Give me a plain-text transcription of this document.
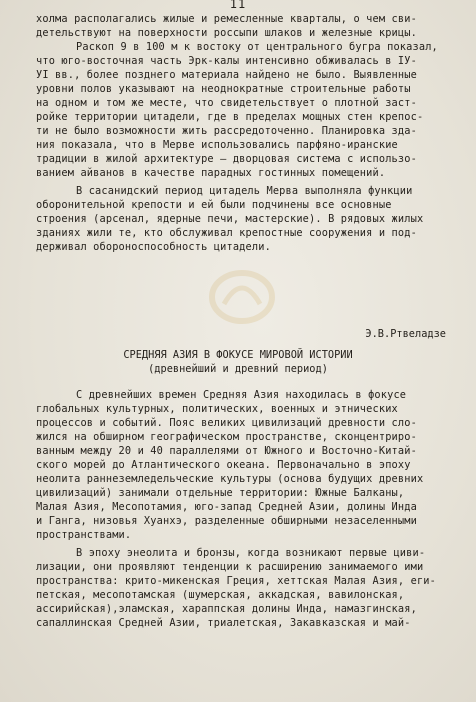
11
холма располагались жилые и ремесленные кварталы, о чем сви-
детельствуют на поверхности россыпи шлаков и железные крицы.
Раскоп 9 в 100 м к востоку от центрального бугра показал,
что юго-восточная часть Эрк-калы интенсивно обживалась в IУ-
УI вв., более позднего материала найдено не было. Выявленные
уровни полов указывают на неоднократные строительные работы
на одном и том же месте, что свидетельствует о плотной заст-
ройке территории цитадели, где в пределах мощных стен крепос-
ти не было возможности жить рассредоточенно. Планировка зда-
ния показала, что в Мерве использовались парфяно-иранские
традиции в жилой архитектуре – дворцовая система с использо-
ванием айванов в качестве парадных гостинных помещений.
В сасанидский период цитадель Мерва выполняла функции
оборонительной крепости и ей были подчинены все основные
строения (арсенал, ядерные печи, мастерские). В рядовых жилых
зданиях жили те, кто обслуживал крепостные сооружения и под-
держивал обороноспособность цитадели.
Э.В.Ртвеладзе
СРЕДНЯЯ АЗИЯ В ФОКУСЕ МИРОВОЙ ИСТОРИИ
(древнейший и древний период)
С древнейших времен Средняя Азия находилась в фокусе
глобальных культурных, политических, военных и этнических
процессов и событий. Пояс великих цивилизаций древности сло-
жился на обширном географическом пространстве, сконцентриро-
ванным между 20 и 40 параллелями от Южного и Восточно-Китай-
ского морей до Атлантического океана. Первоначально в эпоху
неолита раннеземледельческие культуры (основа будущих древних
цивилизаций) занимали отдельные территории: Южные Балканы,
Малая Азия, Месопотамия, юго-запад Средней Азии, долины Инда
и Ганга, низовья Хуанхэ, разделенные обширными незаселенными
пространствами.
В эпоху энеолита и бронзы, когда возникают первые циви-
лизации, они проявляют тенденции к расширению занимаемого ими
пространства: крито-микенская Греция, хеттская Малая Азия, еги-
петская, месопотамская (шумерская, аккадская, вавилонская,
ассирийская),эламская, хараппская долины Инда, намазгинская,
сапаллинская Средней Азии, триалетская, Закавказская и май-
